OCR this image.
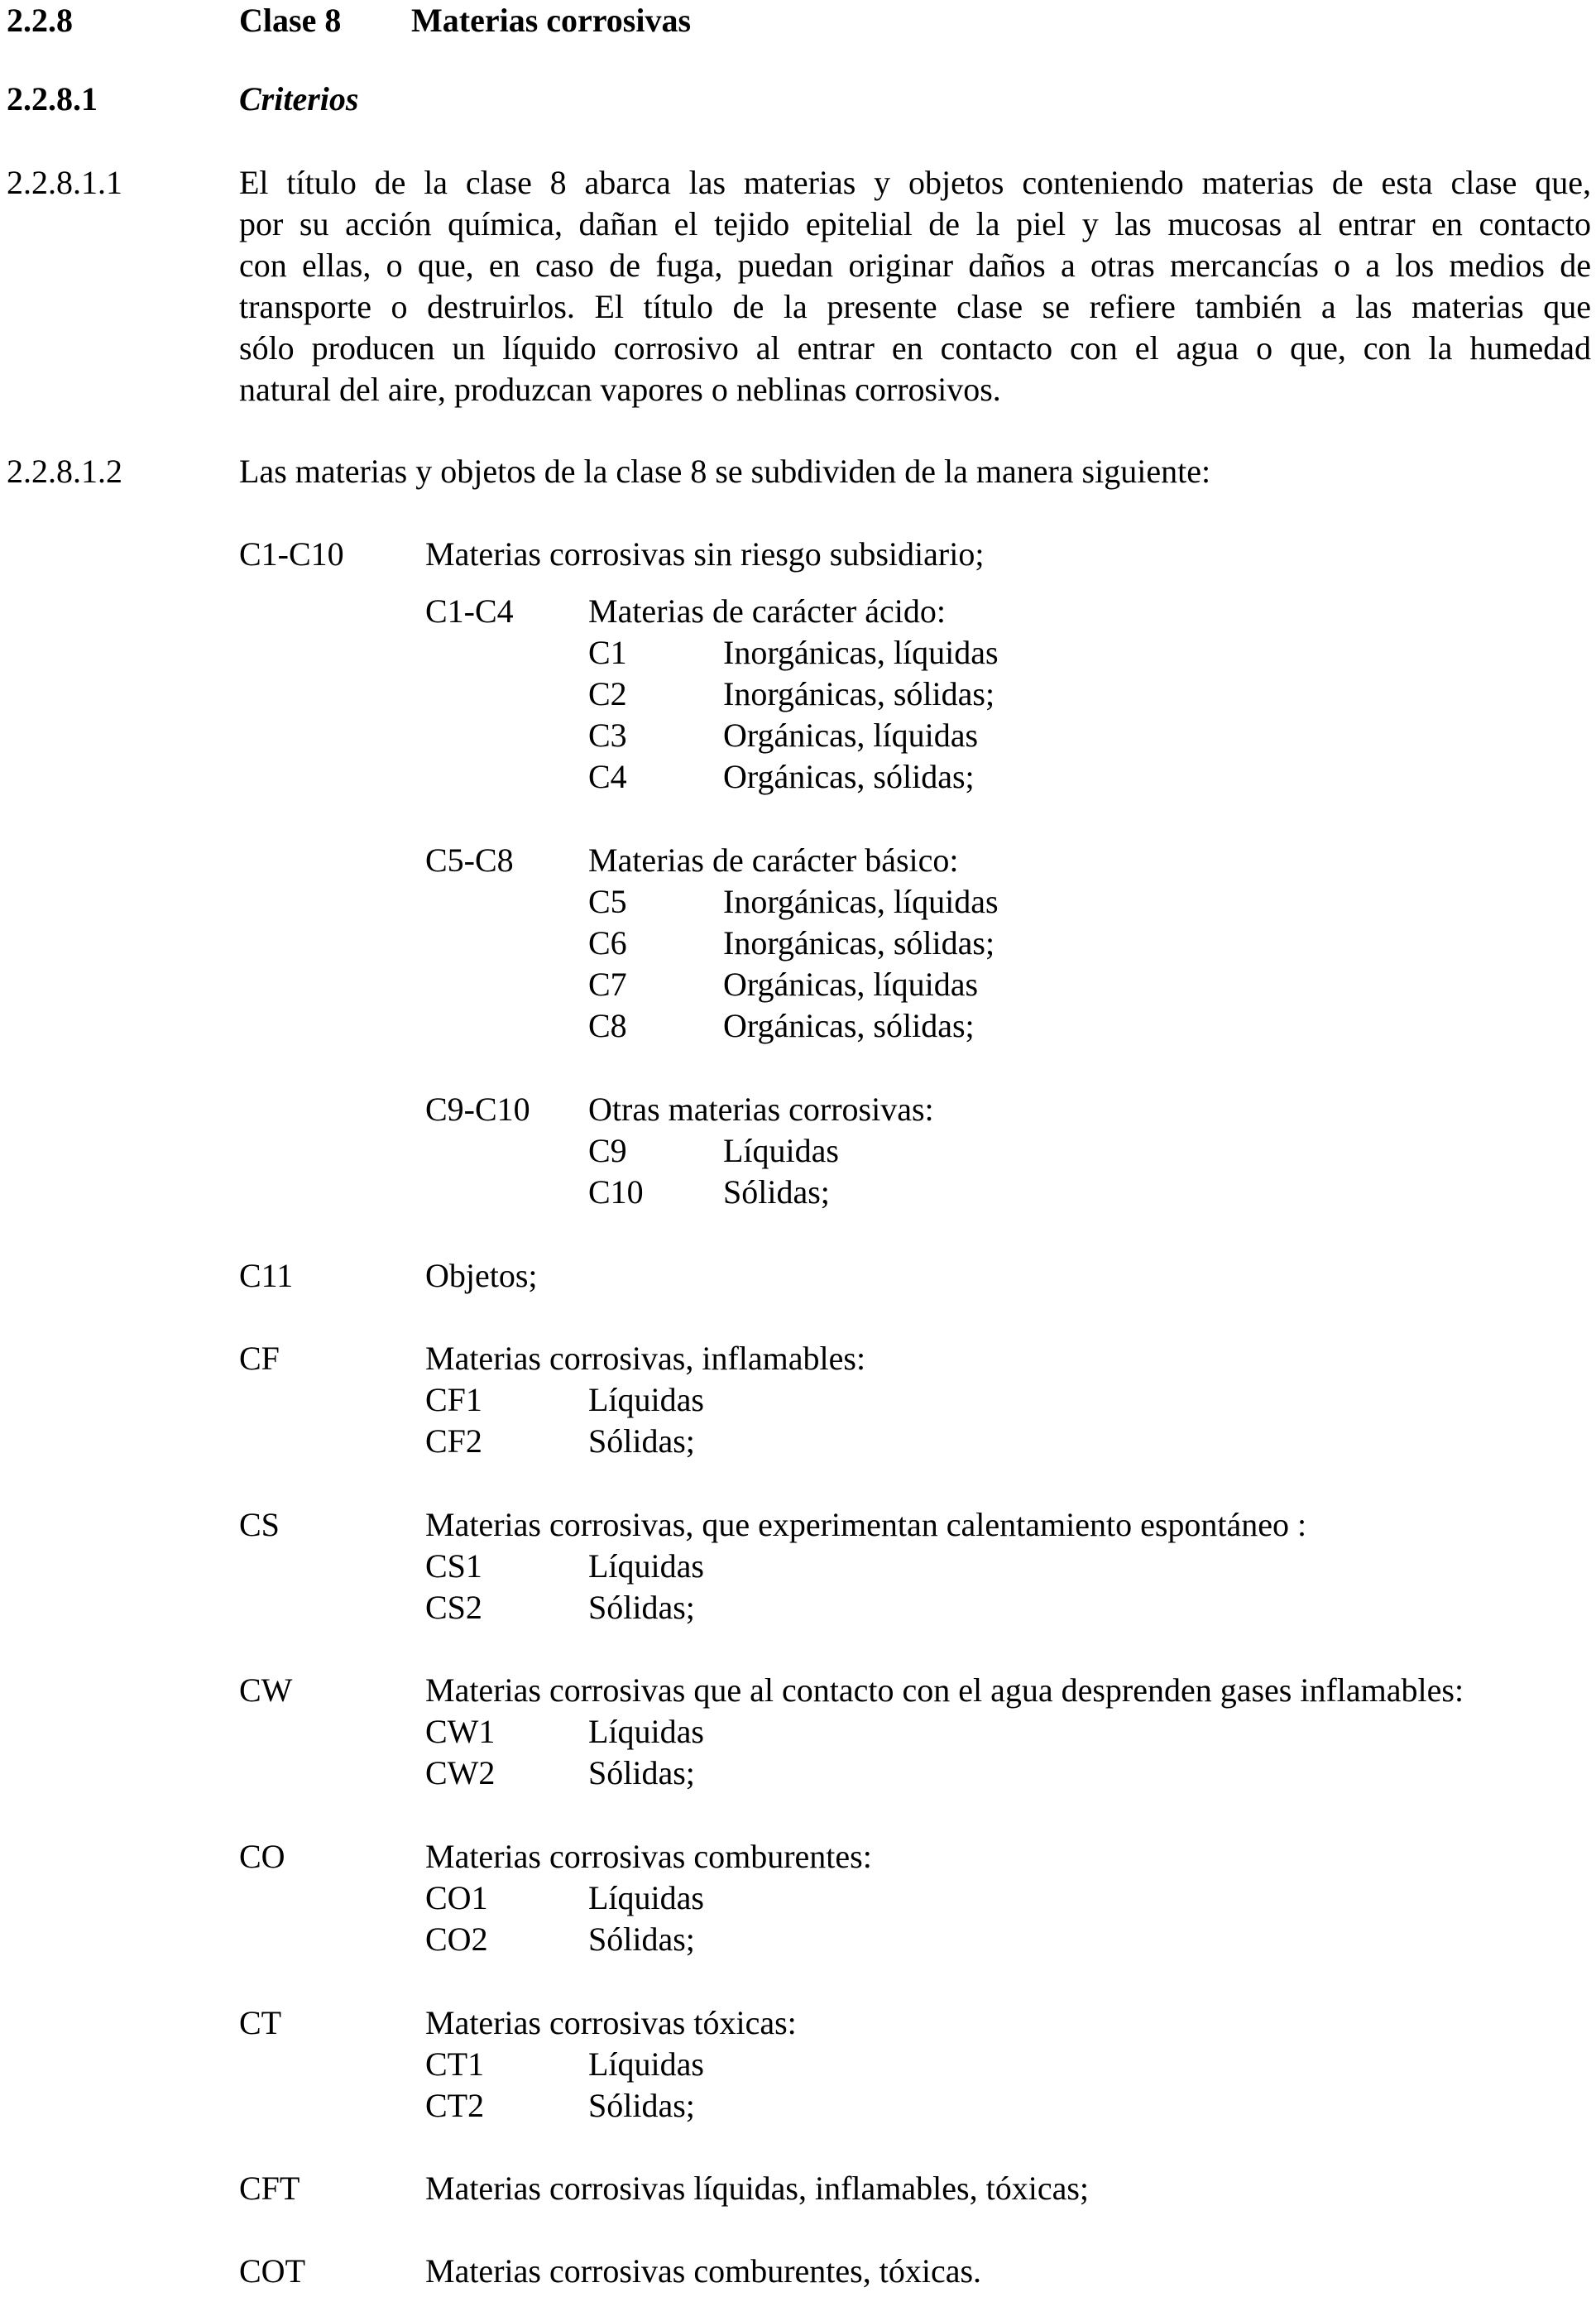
2.2.8	Clase 8 Materias corrosivas
2.2.8.1	Criterios
2.2.8.1.1	El título de la clase 8 abarca las materias y objetos conteniendo materias de esta clase que,
por su acción química, dañan el tejido epitelial de la piel y las mucosas al entrar en contacto
con ellas, o que, en caso de fuga, puedan originar daños a otras mercancías o a los medios de
transporte o destruirlos. El título de la presente clase se refiere también a las materias que
sólo producen un líquido corrosivo al entrar en contacto con el agua o que, con la humedad
natural del aire, produzcan vapores o neblinas corrosivos.
2.2.8.1.2	Las materias y objetos de la clase 8 se subdividen de la manera siguiente:
C1-C10 Materias corrosivas sin riesgo subsidiario;
C1-C4 Materias de carácter ácido:
C1	Inorgánicas, líquidas
C2	Inorgánicas, sólidas;
C3	Orgánicas, líquidas
C4	Orgánicas, sólidas;
C5-C8 Materias de carácter básico:
C5	Inorgánicas, líquidas
C6	Inorgánicas, sólidas;
C7	Orgánicas, líquidas
C8	Orgánicas, sólidas;
C9-C10 Otras materias corrosivas:
C9	Líquidas
C10 Sólidas;
C11	Objetos;
CF	Materias corrosivas, inflamables:
CF1	Líquidas
CF2	Sólidas;
CS	Materias corrosivas, que experimentan calentamiento espontáneo :
CS1	Líquidas
CS2	Sólidas;
CW	Materias corrosivas que al contacto con el agua desprenden gases inflamables:
CW1	Líquidas
CW2	Sólidas;
CO	Materias corrosivas comburentes:
CO1	Líquidas
CO2	Sólidas;
CT	Materias corrosivas tóxicas:
CT1	Líquidas
CT2	Sólidas;
CFT	Materias corrosivas líquidas, inflamables, tóxicas;
COT	Materias corrosivas comburentes, tóxicas.
